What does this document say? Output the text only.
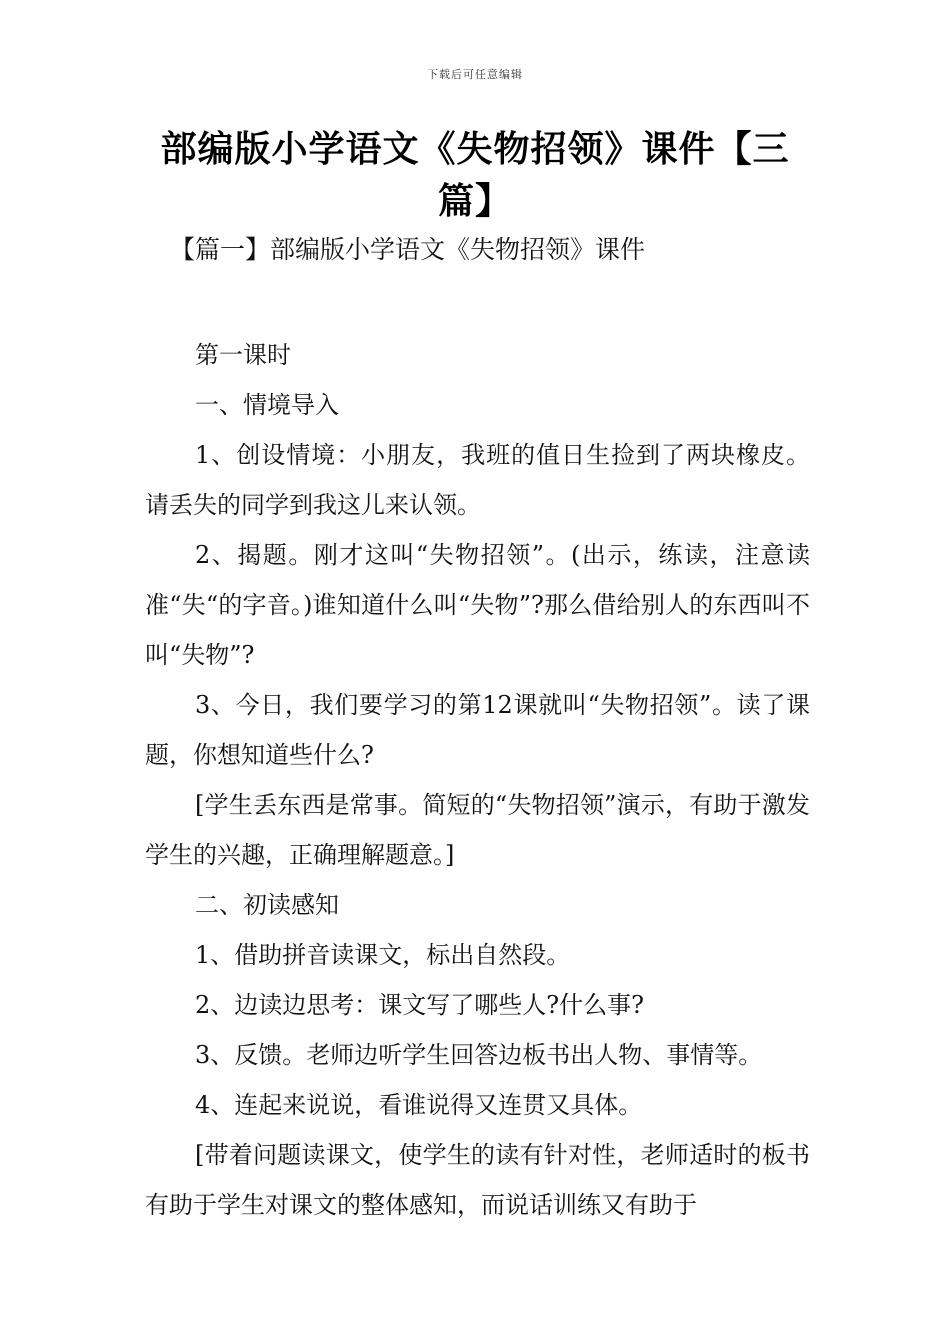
下载后可任意编辑
部编版小学语文《失物招领》课件【三篇】
【篇一】部编版小学语文《失物招领》课件

第一课时

一、情境导入

1、创设情境：小朋友，我班的值日生捡到了两块橡皮。请丢失的同学到我这儿来认领。

2、揭题。刚才这叫“失物招领”。(出示，练读，注意读准“失“的字音。)谁知道什么叫“失物”?那么借给别人的东西叫不叫“失物”?

3、今日，我们要学习的第12课就叫“失物招领”。读了课题，你想知道些什么?

[学生丢东西是常事。简短的“失物招领”演示，有助于激发学生的兴趣，正确理解题意。]

二、初读感知

1、借助拼音读课文，标出自然段。

2、边读边思考：课文写了哪些人?什么事?

3、反馈。老师边听学生回答边板书出人物、事情等。

4、连起来说说，看谁说得又连贯又具体。

[带着问题读课文，使学生的读有针对性，老师适时的板书有助于学生对课文的整体感知，而说话训练又有助于
